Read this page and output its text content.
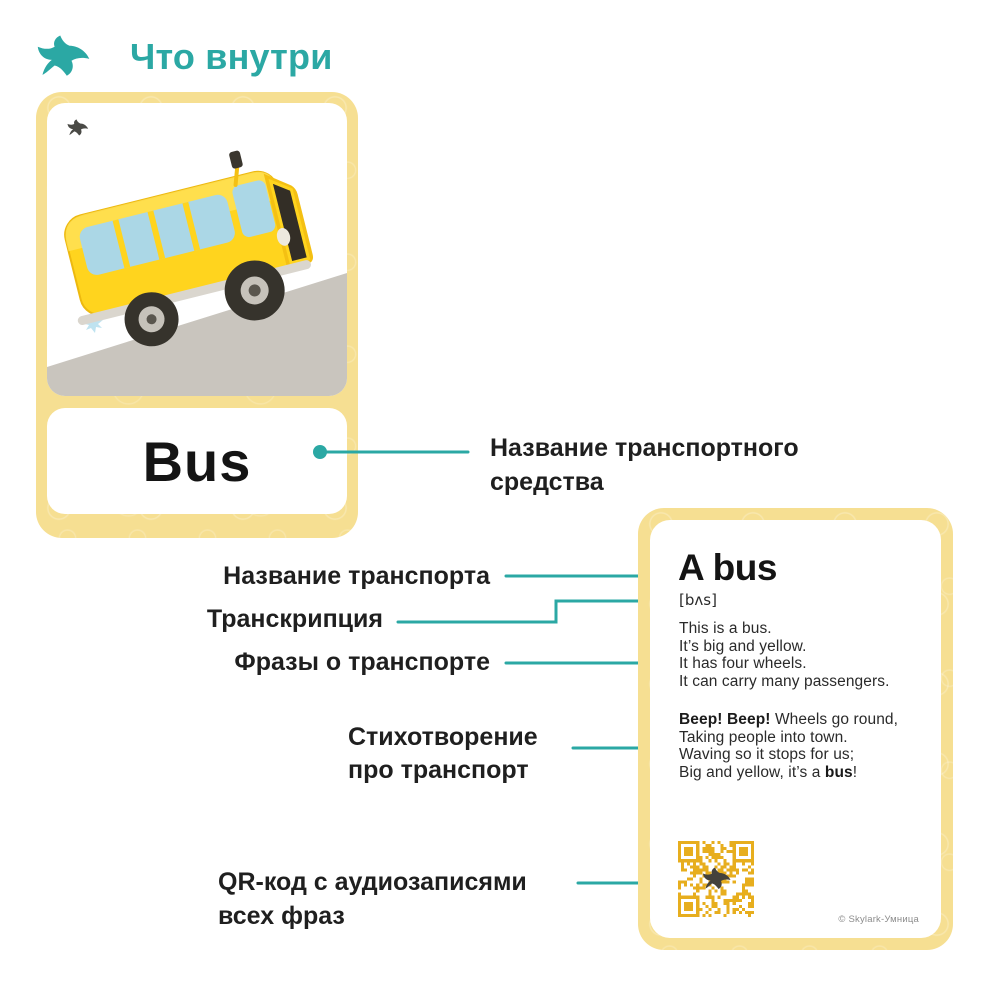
Что внутри
Bus	Название транспортного средства
Название транспорта
Транскрипция
Фразы о транспорте
Стихотворение
про транспорт
QR-код с аудиозаписями
всех фраз
A bus
[bʌs]
This is a bus.
It’s big and yellow.
It has four wheels.
It can carry many passengers.
Beep! Beep! Wheels go round,
Taking people into town.
Waving so it stops for us;
Big and yellow, it’s a bus!
© Skylark-Умница
